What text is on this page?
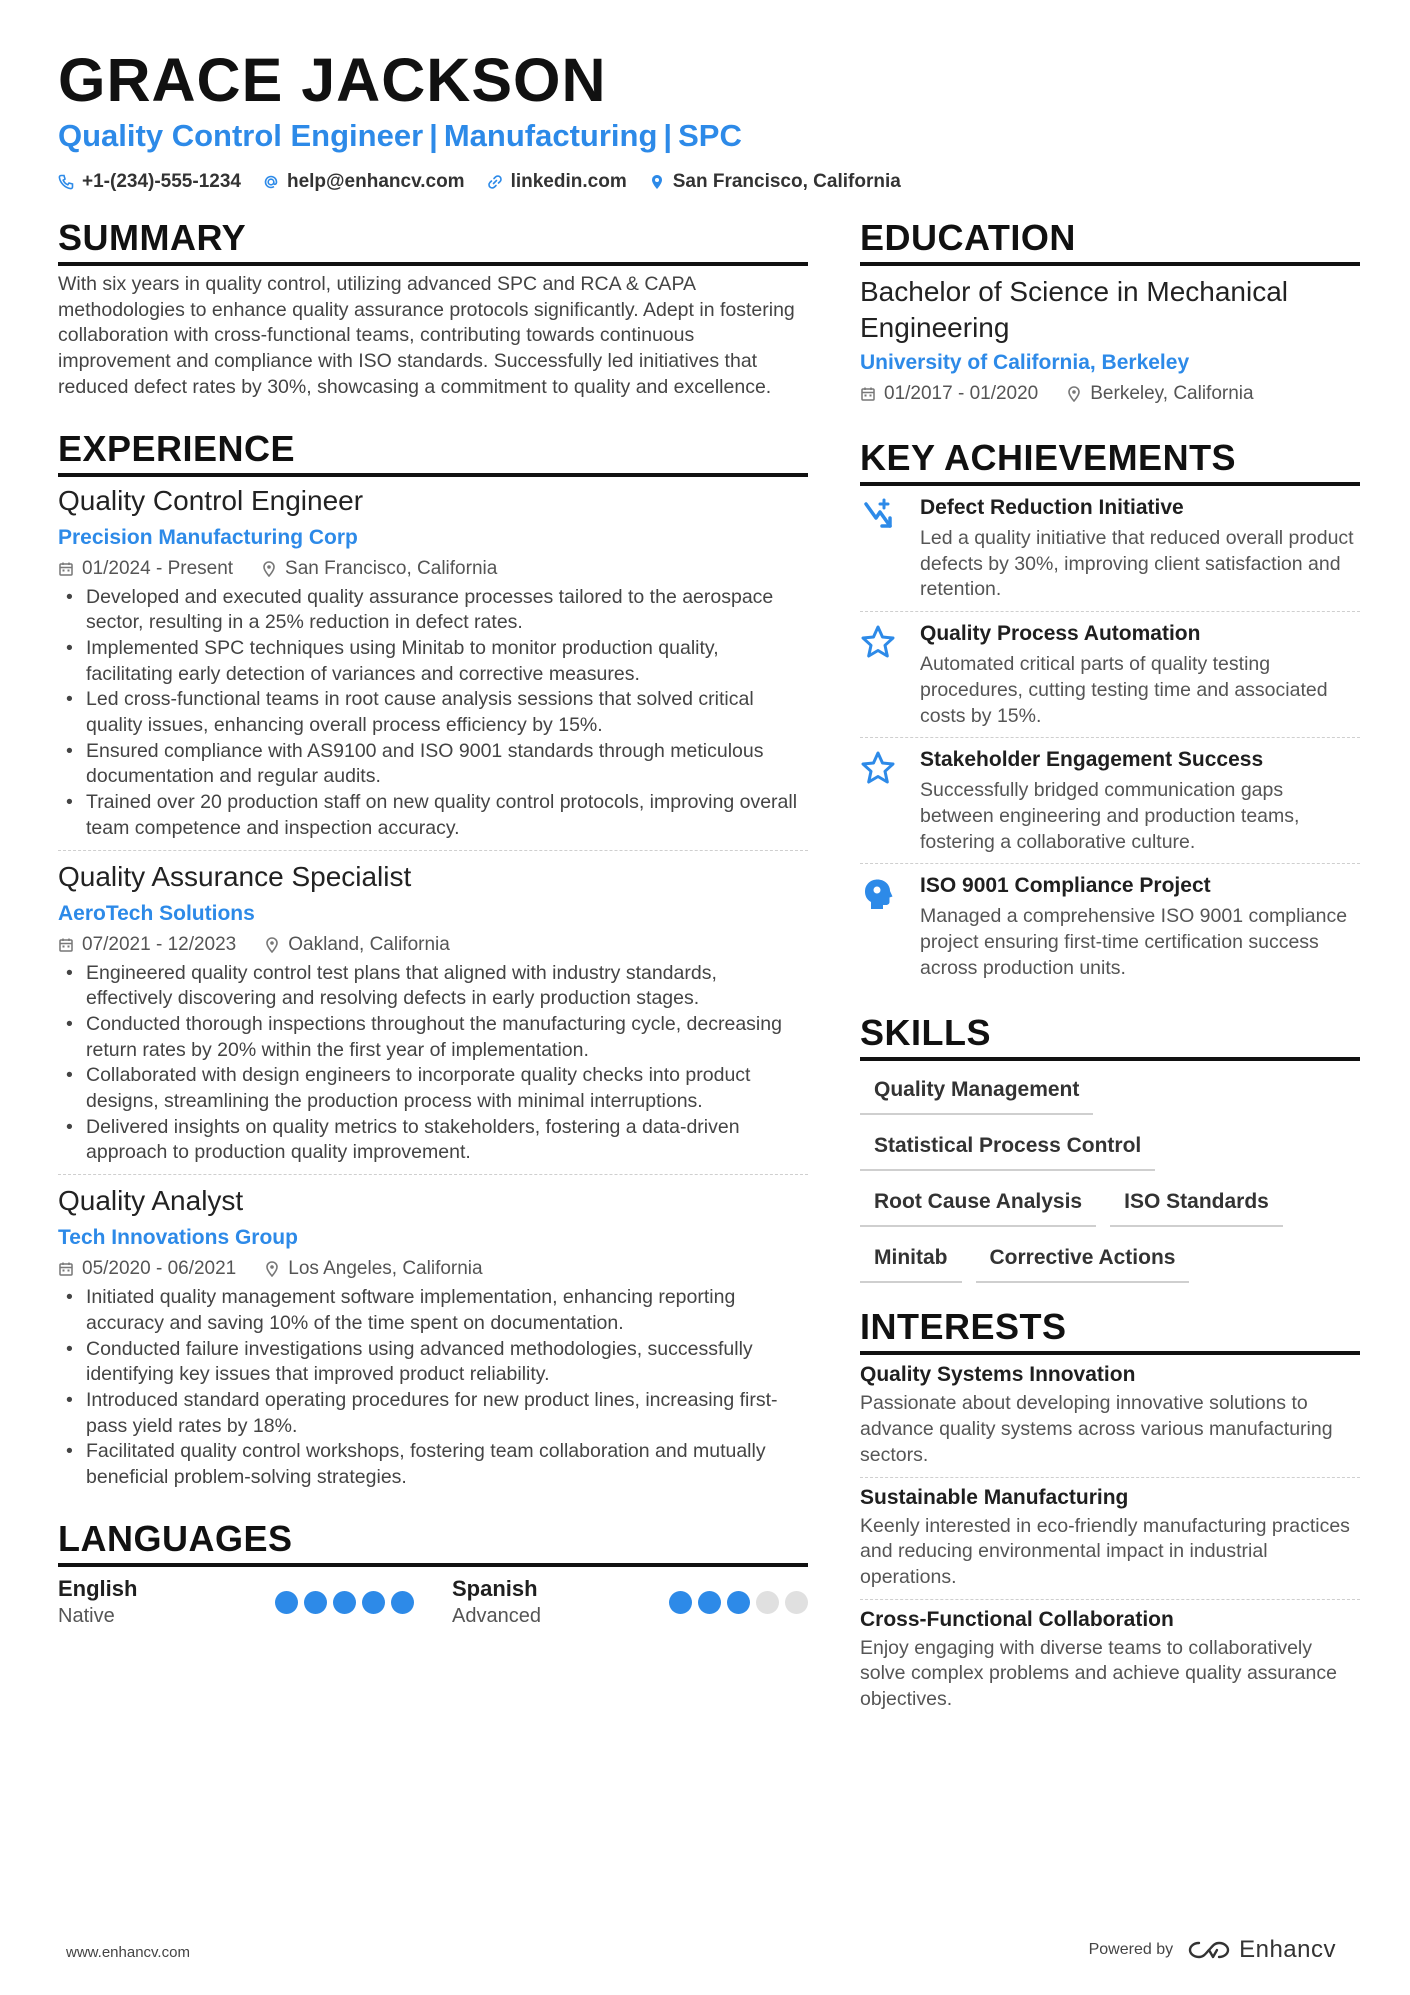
GRACE JACKSON
Quality Control Engineer | Manufacturing | SPC
+1-(234)-555-1234 help@enhancv.com linkedin.com San Francisco, California
SUMMARY
With six years in quality control, utilizing advanced SPC and RCA & CAPA methodologies to enhance quality assurance protocols significantly. Adept in fostering collaboration with cross-functional teams, contributing towards continuous improvement and compliance with ISO standards. Successfully led initiatives that reduced defect rates by 30%, showcasing a commitment to quality and excellence.
EXPERIENCE
Quality Control Engineer
Precision Manufacturing Corp
01/2024 - Present	San Francisco, California
• Developed and executed quality assurance processes tailored to the aerospace sector, resulting in a 25% reduction in defect rates.
• Implemented SPC techniques using Minitab to monitor production quality, facilitating early detection of variances and corrective measures.
• Led cross-functional teams in root cause analysis sessions that solved critical quality issues, enhancing overall process efficiency by 15%.
• Ensured compliance with AS9100 and ISO 9001 standards through meticulous documentation and regular audits.
• Trained over 20 production staff on new quality control protocols, improving overall team competence and inspection accuracy.
Quality Assurance Specialist
AeroTech Solutions
07/2021 - 12/2023	Oakland, California
• Engineered quality control test plans that aligned with industry standards, effectively discovering and resolving defects in early production stages.
• Conducted thorough inspections throughout the manufacturing cycle, decreasing return rates by 20% within the first year of implementation.
• Collaborated with design engineers to incorporate quality checks into product designs, streamlining the production process with minimal interruptions.
• Delivered insights on quality metrics to stakeholders, fostering a data-driven approach to production quality improvement.
Quality Analyst
Tech Innovations Group
05/2020 - 06/2021	Los Angeles, California
• Initiated quality management software implementation, enhancing reporting accuracy and saving 10% of the time spent on documentation.
• Conducted failure investigations using advanced methodologies, successfully identifying key issues that improved product reliability.
• Introduced standard operating procedures for new product lines, increasing first-pass yield rates by 18%.
• Facilitated quality control workshops, fostering team collaboration and mutually beneficial problem-solving strategies.
LANGUAGES
English
Native
Spanish
Advanced
EDUCATION
Bachelor of Science in Mechanical Engineering
University of California, Berkeley
01/2017 - 01/2020	Berkeley, California
KEY ACHIEVEMENTS
Defect Reduction Initiative
Led a quality initiative that reduced overall product defects by 30%, improving client satisfaction and retention.
Quality Process Automation
Automated critical parts of quality testing procedures, cutting testing time and associated costs by 15%.
Stakeholder Engagement Success
Successfully bridged communication gaps between engineering and production teams, fostering a collaborative culture.
ISO 9001 Compliance Project
Managed a comprehensive ISO 9001 compliance project ensuring first-time certification success across production units.
SKILLS
Quality Management
Statistical Process Control
Root Cause Analysis	ISO Standards
Minitab	Corrective Actions
INTERESTS
Quality Systems Innovation
Passionate about developing innovative solutions to advance quality systems across various manufacturing sectors.
Sustainable Manufacturing
Keenly interested in eco-friendly manufacturing practices and reducing environmental impact in industrial operations.
Cross-Functional Collaboration
Enjoy engaging with diverse teams to collaboratively solve complex problems and achieve quality assurance objectives.
www.enhancv.com	Powered by	Enhancv
